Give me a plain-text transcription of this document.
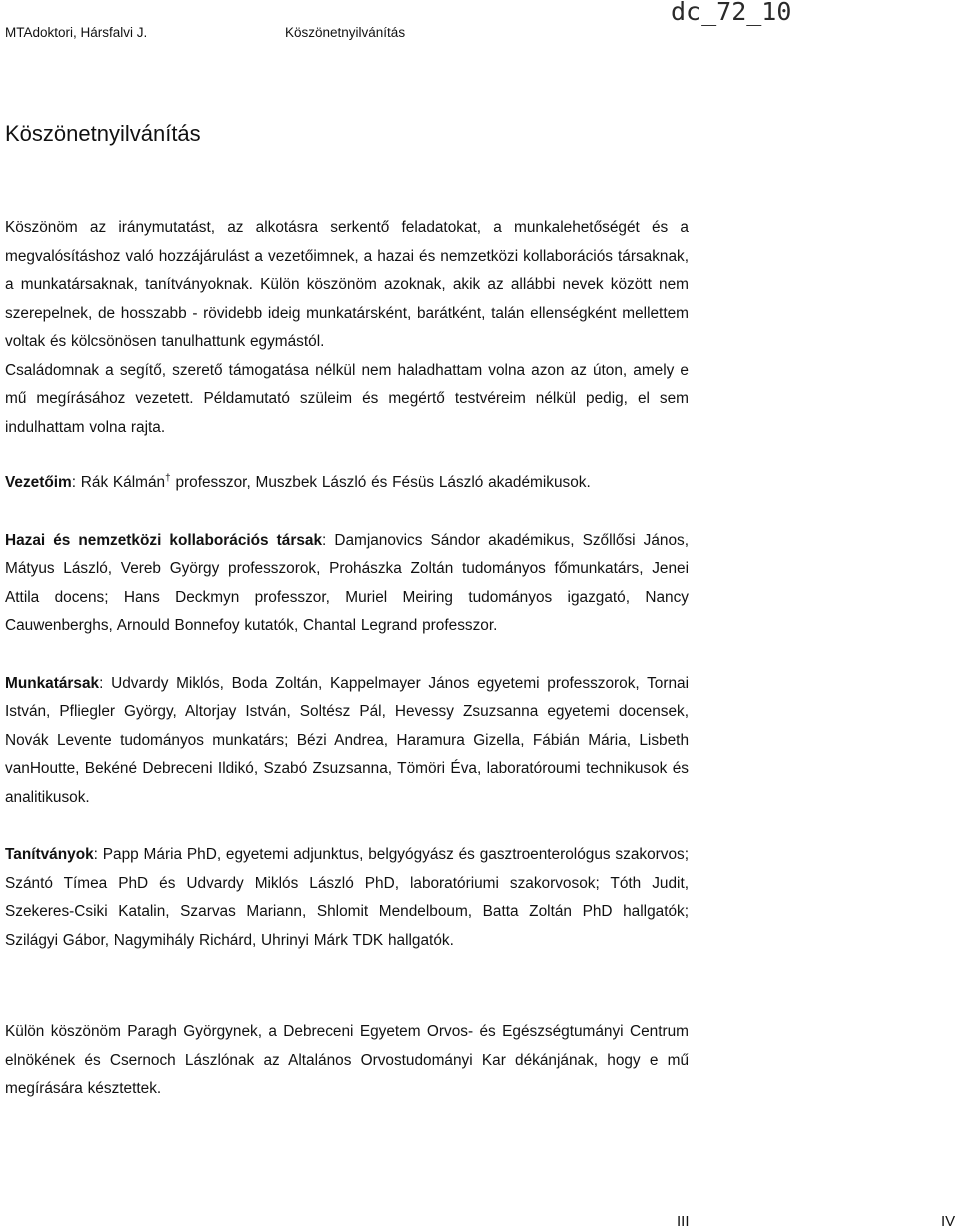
MTAdoktori, Hársfalvi J.	Köszönetnyilvánítás
dc_72_10
Köszönetnyilvánítás

Köszönöm az iránymutatást, az alkotásra serkentő feladatokat, a munkalehetőségét és a megvalósításhoz való hozzájárulást a vezetőimnek, a hazai és nemzetközi kollaborációs társaknak, a munkatársaknak, tanítványoknak. Külön köszönöm azoknak, akik az allábbi nevek között nem szerepelnek, de hosszabb - rövidebb ideig munkatársként, barátként, talán ellenségként mellettem voltak és kölcsönösen tanulhattunk egymástól.

Családomnak a segítő, szerető támogatása nélkül nem haladhattam volna azon az úton, amely e mű megírásához vezetett. Példamutató szüleim és megértő testvéreim nélkül pedig, el sem indulhattam volna rajta.

Vezetőim: Rák Kálmán† professzor, Muszbek László és Fésüs László akadémikusok.

Hazai és nemzetközi kollaborációs társak: Damjanovics Sándor akadémikus, Szőllősi János, Mátyus László, Vereb György professzorok, Prohászka Zoltán tudományos főmunkatárs, Jenei Attila docens; Hans Deckmyn professzor, Muriel Meiring tudományos igazgató, Nancy Cauwenberghs, Arnould Bonnefoy kutatók, Chantal Legrand professzor.

Munkatársak: Udvardy Miklós, Boda Zoltán, Kappelmayer János egyetemi professzorok, Tornai István, Pfliegler György, Altorjay István, Soltész Pál, Hevessy Zsuzsanna egyetemi docensek, Novák Levente tudományos munkatárs; Bézi Andrea, Haramura Gizella, Fábián Mária, Lisbeth vanHoutte, Bekéné Debreceni Ildikó, Szabó Zsuzsanna, Tömöri Éva, laboratóroumi technikusok és analitikusok.

Tanítványok: Papp Mária PhD, egyetemi adjunktus, belgyógyász és gasztroenterológus szakorvos; Szántó Tímea PhD és Udvardy Miklós László PhD, laboratóriumi szakorvosok; Tóth Judit, Szekeres-Csiki Katalin, Szarvas Mariann, Shlomit Mendelboum, Batta Zoltán PhD hallgatók; Szilágyi Gábor, Nagymihály Richárd, Uhrinyi Márk TDK hallgatók.

Külön köszönöm Paragh Györgynek, a Debreceni Egyetem Orvos- és Egészségtumányi Centrum elnökének és Csernoch Lászlónak az Altalános Orvostudományi Kar dékánjának, hogy e mű megírására késztettek.

III	IV
